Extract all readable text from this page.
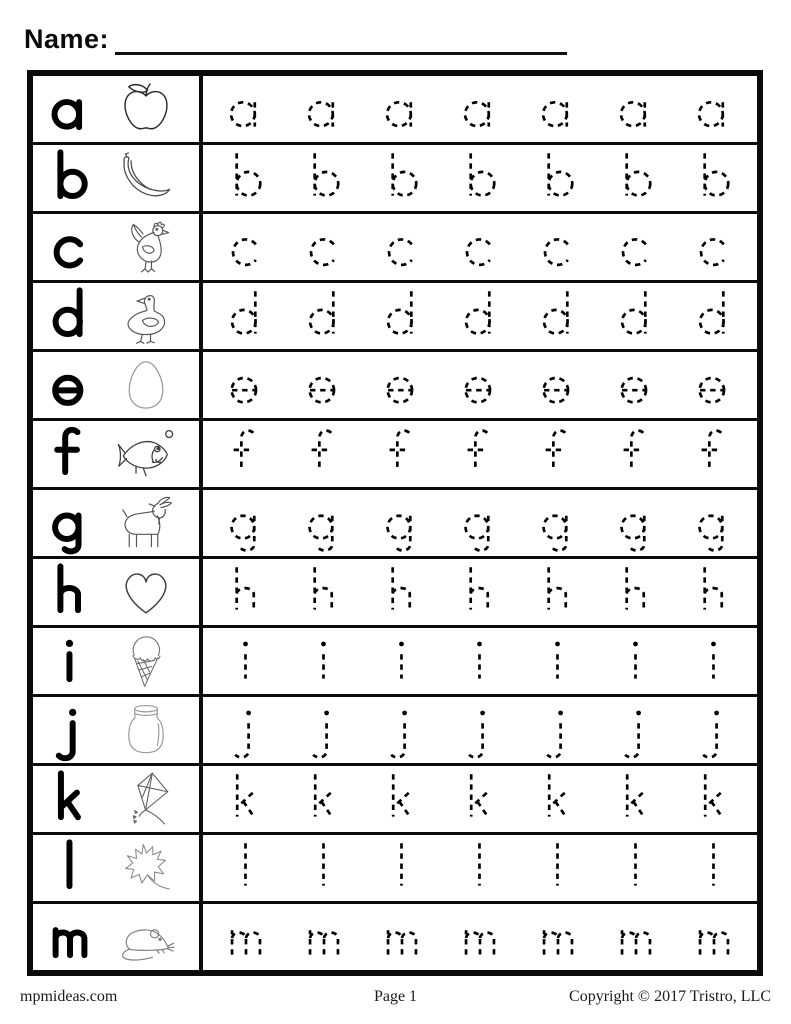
Name:
mpmideas.com	Page 1	Copyright © 2017 Tristro, LLC
